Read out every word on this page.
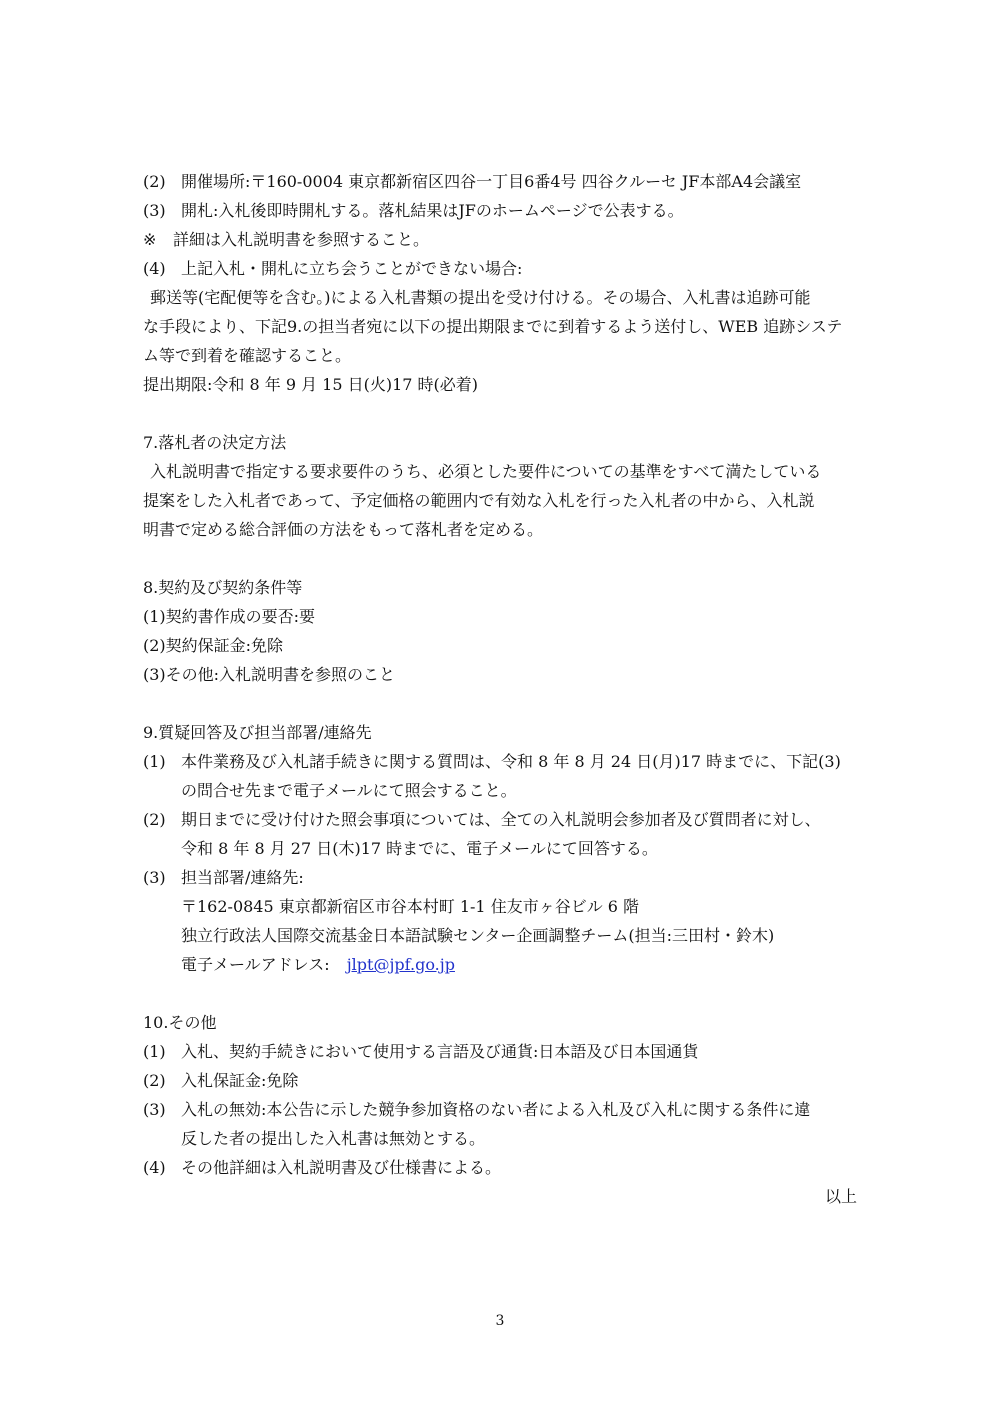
(2) 開催場所:〒160-0004 東京都新宿区四谷一丁目6番4号 四谷クルーセ JF本部A4会議室
(3) 開札:入札後即時開札する。落札結果はJFのホームページで公表する。
※ 詳細は入札説明書を参照すること。
(4) 上記入札・開札に立ち会うことができない場合:
郵送等(宅配便等を含む。)による入札書類の提出を受け付ける。その場合、入札書は追跡可能
な手段により、下記9.の担当者宛に以下の提出期限までに到着するよう送付し、WEB 追跡システ
ム等で到着を確認すること。
提出期限:令和 8 年 9 月 15 日(火)17 時(必着)
7.落札者の決定方法
入札説明書で指定する要求要件のうち、必須とした要件についての基準をすべて満たしている
提案をした入札者であって、予定価格の範囲内で有効な入札を行った入札者の中から、入札説
明書で定める総合評価の方法をもって落札者を定める。
8.契約及び契約条件等
(1)契約書作成の要否:要
(2)契約保証金:免除
(3)その他:入札説明書を参照のこと
9.質疑回答及び担当部署/連絡先
(1) 本件業務及び入札諸手続きに関する質問は、令和 8 年 8 月 24 日(月)17 時までに、下記(3)
の問合せ先まで電子メールにて照会すること。
(2) 期日までに受け付けた照会事項については、全ての入札説明会参加者及び質問者に対し、
令和 8 年 8 月 27 日(木)17 時までに、電子メールにて回答する。
(3) 担当部署/連絡先:
〒162-0845 東京都新宿区市谷本村町 1-1 住友市ヶ谷ビル 6 階
独立行政法人国際交流基金日本語試験センター企画調整チーム(担当:三田村・鈴木)
電子メールアドレス: jlpt@jpf.go.jp
10.その他
(1) 入札、契約手続きにおいて使用する言語及び通貨:日本語及び日本国通貨
(2) 入札保証金:免除
(3) 入札の無効:本公告に示した競争参加資格のない者による入札及び入札に関する条件に違
反した者の提出した入札書は無効とする。
(4) その他詳細は入札説明書及び仕様書による。
以上
3
